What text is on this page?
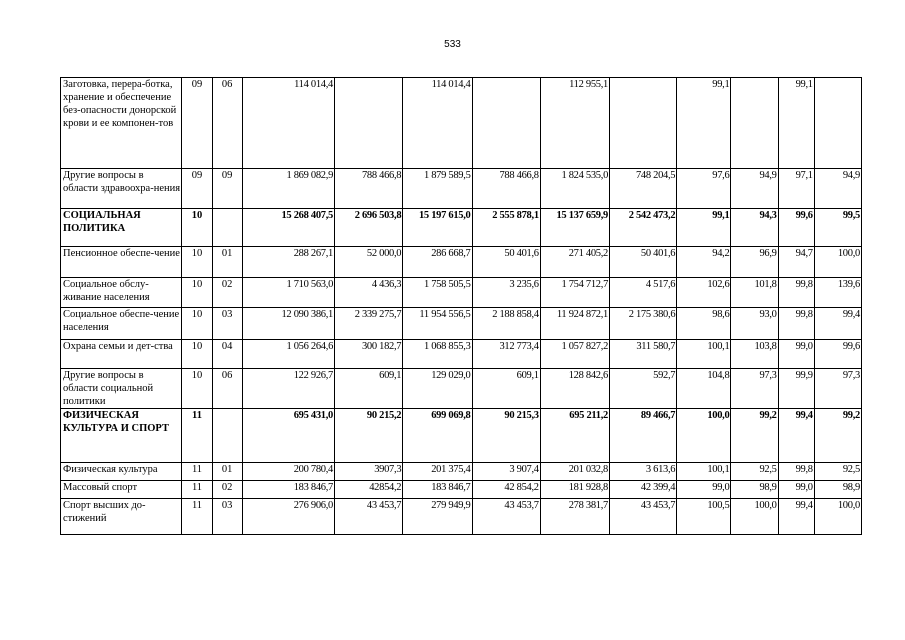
533
Заготовка, перера-ботка, хранение и обеспечение без-опасности донорской крови и ее компонен-тов	09	06	114 014,4		114 014,4		112 955,1		99,1		99,1	
Другие вопросы в области здравоохра-нения	09	09	1 869 082,9	788 466,8	1 879 589,5	788 466,8	1 824 535,0	748 204,5	97,6	94,9	97,1	94,9
СОЦИАЛЬНАЯ ПОЛИТИКА	10		15 268 407,5	2 696 503,8	15 197 615,0	2 555 878,1	15 137 659,9	2 542 473,2	99,1	94,3	99,6	99,5
Пенсионное обеспе-чение	10	01	288 267,1	52 000,0	286 668,7	50 401,6	271 405,2	50 401,6	94,2	96,9	94,7	100,0
Социальное обслу-живание населения	10	02	1 710 563,0	4 436,3	1 758 505,5	3 235,6	1 754 712,7	4 517,6	102,6	101,8	99,8	139,6
Социальное обеспе-чение населения	10	03	12 090 386,1	2 339 275,7	11 954 556,5	2 188 858,4	11 924 872,1	2 175 380,6	98,6	93,0	99,8	99,4
Охрана семьи и дет-ства	10	04	1 056 264,6	300 182,7	1 068 855,3	312 773,4	1 057 827,2	311 580,7	100,1	103,8	99,0	99,6
Другие вопросы в области социальной политики	10	06	122 926,7	609,1	129 029,0	609,1	128 842,6	592,7	104,8	97,3	99,9	97,3
ФИЗИЧЕСКАЯ КУЛЬТУРА И СПОРТ	11		695 431,0	90 215,2	699 069,8	90 215,3	695 211,2	89 466,7	100,0	99,2	99,4	99,2
Физическая культура	11	01	200 780,4	3907,3	201 375,4	3 907,4	201 032,8	3 613,6	100,1	92,5	99,8	92,5
Массовый спорт	11	02	183 846,7	42854,2	183 846,7	42 854,2	181 928,8	42 399,4	99,0	98,9	99,0	98,9
Спорт высших до-стижений	11	03	276 906,0	43 453,7	279 949,9	43 453,7	278 381,7	43 453,7	100,5	100,0	99,4	100,0
